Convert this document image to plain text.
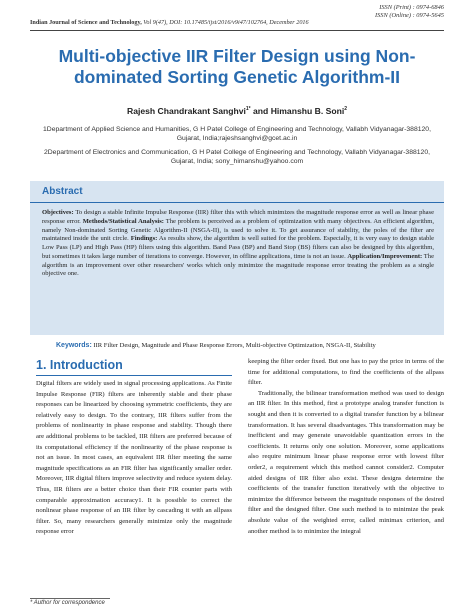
ISSN (Print) : 0974-6846
ISSN (Online) : 0974-5645
Indian Journal of Science and Technology, Vol 9(47), DOI: 10.17485/ijst/2016/v9i47/102764, December 2016
Multi-objective IIR Filter Design using Non-dominated Sorting Genetic Algorithm-II
Rajesh Chandrakant Sanghvi$^{1*}$ and Himanshu B. Soni$^2$
1Department of Applied Science and Humanities, G H Patel College of Engineering and Technology, Vallabh Vidyanagar-388120, Gujarat, India;rajeshsanghvi@gcet.ac.in
2Department of Electronics and Communication, G H Patel College of Engineering and Technology, Vallabh Vidyanagar-388120, Gujarat, India; sony_himanshu@yahoo.com
Abstract
Objectives: To design a stable Infinite Impulse Response (IIR) filter this with which minimizes the magnitude response error as well as linear phase response error. Methods/Statistical Analysis: The problem is perceived as a problem of optimization with many objectives. An efficient algorithm, namely Non-dominated Sorting Genetic Algorithm-II (NSGA-II), is used to solve it. To get assurance of stability, the poles of the filter are maintained inside the unit circle. Findings: As results show, the algorithm is well suited for the problem. Especially, it is very easy to design stable Low Pass (LP) and High Pass (HP) filters using this algorithm. Band Pass (BP) and Band Stop (BS) filters can also be designed by this algorithm, but sometimes it takes large number of iterations to converge. However, in offline applications, time is not an issue. Application/Improvement: The algorithm is an improvement over other researchers' works which only minimize the magnitude response error treating the problem as a single objective one.
Keywords: IIR Filter Design, Magnitude and Phase Response Errors, Multi-objective Optimization, NSGA-II, Stability
1. Introduction

Digital filters are widely used in signal processing applications. As Finite Impulse Response (FIR) filters are inherently stable and their phase responses can be linearized by choosing symmetric coefficients, they are relatively easy to design. To the contrary, IIR filters suffer from the problems of nonlinearity in phase response and stability. Though there are additional problems to be tackled, IIR filters are preferred because of its computational efficiency if the nonlinearity of the phase response is not an issue. In most cases, an equivalent IIR filter meeting the same magnitude specifications as an FIR filter has significantly smaller order. Moreover, IIR digital filters improve selectivity and reduce system delay. Thus, IIR filters are a better choice than their FIR counter parts with comparable approximation accuracy1. It is possible to correct the nonlinear phase response of an IIR filter by cascading it with an allpass filter. So, many researchers generally minimize only the magnitude response error

keeping the filter order fixed. But one has to pay the price in terms of the time for additional computations, to find the coefficients of the allpass filter.

Traditionally, the bilinear transformation method was used to design an IIR filter. In this method, first a prototype analog transfer function is sought and then it is converted to a digital transfer function by a bilinear transformation. It has several disadvantages. This transformation may be inefficient and may generate unavoidable quantization errors in the coefficients. It returns only one solution. Moreover, some applications also require minimum linear phase response error with lowest filter order2, a requirement which this method cannot consider2. Computer aided designs of IIR filter also exist. These designs determine the coefficients of the transfer function iteratively with the objective to minimize the difference between the magnitude responses of the desired filter and the designed filter. One such method is to minimize the peak absolute value of the weighted error, called minimax criterion, and another method is to minimize the integral

* Author for correspondence
